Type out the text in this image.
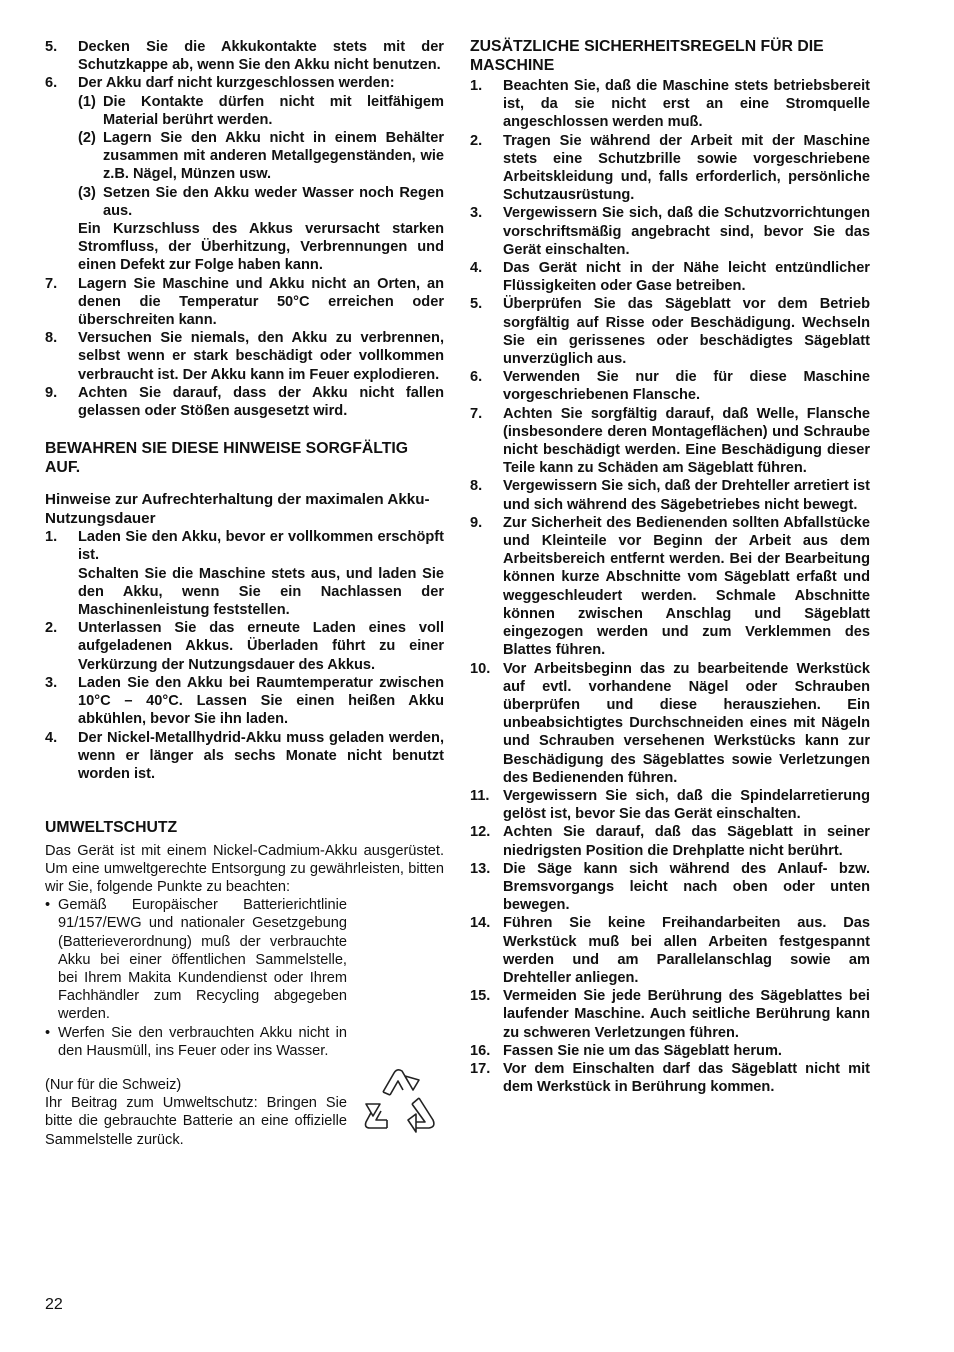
5.	Decken Sie die Akkukontakte stets mit der Schutzkappe ab, wenn Sie den Akku nicht benutzen.
6.	Der Akku darf nicht kurzgeschlossen werden:
(1) Die Kontakte dürfen nicht mit leitfähigem Material berührt werden.
(2) Lagern Sie den Akku nicht in einem Behälter zusammen mit anderen Metallgegenständen, wie z.B. Nägel, Münzen usw.
(3) Setzen Sie den Akku weder Wasser noch Regen aus.
Ein Kurzschluss des Akkus verursacht starken Stromfluss, der Überhitzung, Verbrennungen und einen Defekt zur Folge haben kann.
7.	Lagern Sie Maschine und Akku nicht an Orten, an denen die Temperatur 50°C erreichen oder überschreiten kann.
8.	Versuchen Sie niemals, den Akku zu verbrennen, selbst wenn er stark beschädigt oder vollkommen verbraucht ist. Der Akku kann im Feuer explodieren.
9.	Achten Sie darauf, dass der Akku nicht fallen gelassen oder Stößen ausgesetzt wird.
BEWAHREN SIE DIESE HINWEISE SORGFÄLTIG AUF.
Hinweise zur Aufrechterhaltung der maximalen Akku-Nutzungsdauer
1.	Laden Sie den Akku, bevor er vollkommen erschöpft ist.
Schalten Sie die Maschine stets aus, und laden Sie den Akku, wenn Sie ein Nachlassen der Maschinenleistung feststellen.
2.	Unterlassen Sie das erneute Laden eines voll aufgeladenen Akkus. Überladen führt zu einer Verkürzung der Nutzungsdauer des Akkus.
3.	Laden Sie den Akku bei Raumtemperatur zwischen 10°C – 40°C. Lassen Sie einen heißen Akku abkühlen, bevor Sie ihn laden.
4.	Der Nickel-Metallhydrid-Akku muss geladen werden, wenn er länger als sechs Monate nicht benutzt worden ist.
UMWELTSCHUTZ
Das Gerät ist mit einem Nickel-Cadmium-Akku ausgerüstet. Um eine umweltgerechte Entsorgung zu gewährleisten, bitten wir Sie, folgende Punkte zu beachten:
• Gemäß Europäischer Batterierichtlinie 91/157/EWG und nationaler Gesetzgebung (Batterieverordnung) muß der verbrauchte Akku bei einer öffentlichen Sammelstelle, bei Ihrem Makita Kundendienst oder Ihrem Fachhändler zum Recycling abgegeben werden.
• Werfen Sie den verbrauchten Akku nicht in den Hausmüll, ins Feuer oder ins Wasser.
(Nur für die Schweiz)
Ihr Beitrag zum Umweltschutz: Bringen Sie bitte die gebrauchte Batterie an eine offizielle Sammelstelle zurück.
ZUSÄTZLICHE SICHERHEITSREGELN FÜR DIE MASCHINE
1.	Beachten Sie, daß die Maschine stets betriebsbereit ist, da sie nicht erst an eine Stromquelle angeschlossen werden muß.
2.	Tragen Sie während der Arbeit mit der Maschine stets eine Schutzbrille sowie vorgeschriebene Arbeitskleidung und, falls erforderlich, persönliche Schutzausrüstung.
3.	Vergewissern Sie sich, daß die Schutzvorrichtungen vorschriftsmäßig angebracht sind, bevor Sie das Gerät einschalten.
4.	Das Gerät nicht in der Nähe leicht entzündlicher Flüssigkeiten oder Gase betreiben.
5.	Überprüfen Sie das Sägeblatt vor dem Betrieb sorgfältig auf Risse oder Beschädigung. Wechseln Sie ein gerissenes oder beschädigtes Sägeblatt unverzüglich aus.
6.	Verwenden Sie nur die für diese Maschine vorgeschriebenen Flansche.
7.	Achten Sie sorgfältig darauf, daß Welle, Flansche (insbesondere deren Montageflächen) und Schraube nicht beschädigt werden. Eine Beschädigung dieser Teile kann zu Schäden am Sägeblatt führen.
8.	Vergewissern Sie sich, daß der Drehteller arretiert ist und sich während des Sägebetriebes nicht bewegt.
9.	Zur Sicherheit des Bedienenden sollten Abfallstücke und Kleinteile vor Beginn der Arbeit aus dem Arbeitsbereich entfernt werden. Bei der Bearbeitung können kurze Abschnitte vom Sägeblatt erfaßt und weggeschleudert werden. Schmale Abschnitte können zwischen Anschlag und Sägeblatt eingezogen werden und zum Verklemmen des Blattes führen.
10. Vor Arbeitsbeginn das zu bearbeitende Werkstück auf evtl. vorhandene Nägel oder Schrauben überprüfen und diese herausziehen. Ein unbeabsichtigtes Durchschneiden eines mit Nägeln und Schrauben versehenen Werkstücks kann zur Beschädigung des Sägeblattes sowie Verletzungen des Bedienenden führen.
11. Vergewissern Sie sich, daß die Spindelarretierung gelöst ist, bevor Sie das Gerät einschalten.
12. Achten Sie darauf, daß das Sägeblatt in seiner niedrigsten Position die Drehplatte nicht berührt.
13. Die Säge kann sich während des Anlauf- bzw. Bremsvorgangs leicht nach oben oder unten bewegen.
14. Führen Sie keine Freihandarbeiten aus. Das Werkstück muß bei allen Arbeiten festgespannt werden und am Parallelanschlag sowie am Drehteller anliegen.
15. Vermeiden Sie jede Berührung des Sägeblattes bei laufender Maschine. Auch seitliche Berührung kann zu schweren Verletzungen führen.
16. Fassen Sie nie um das Sägeblatt herum.
17. Vor dem Einschalten darf das Sägeblatt nicht mit dem Werkstück in Berührung kommen.
22
